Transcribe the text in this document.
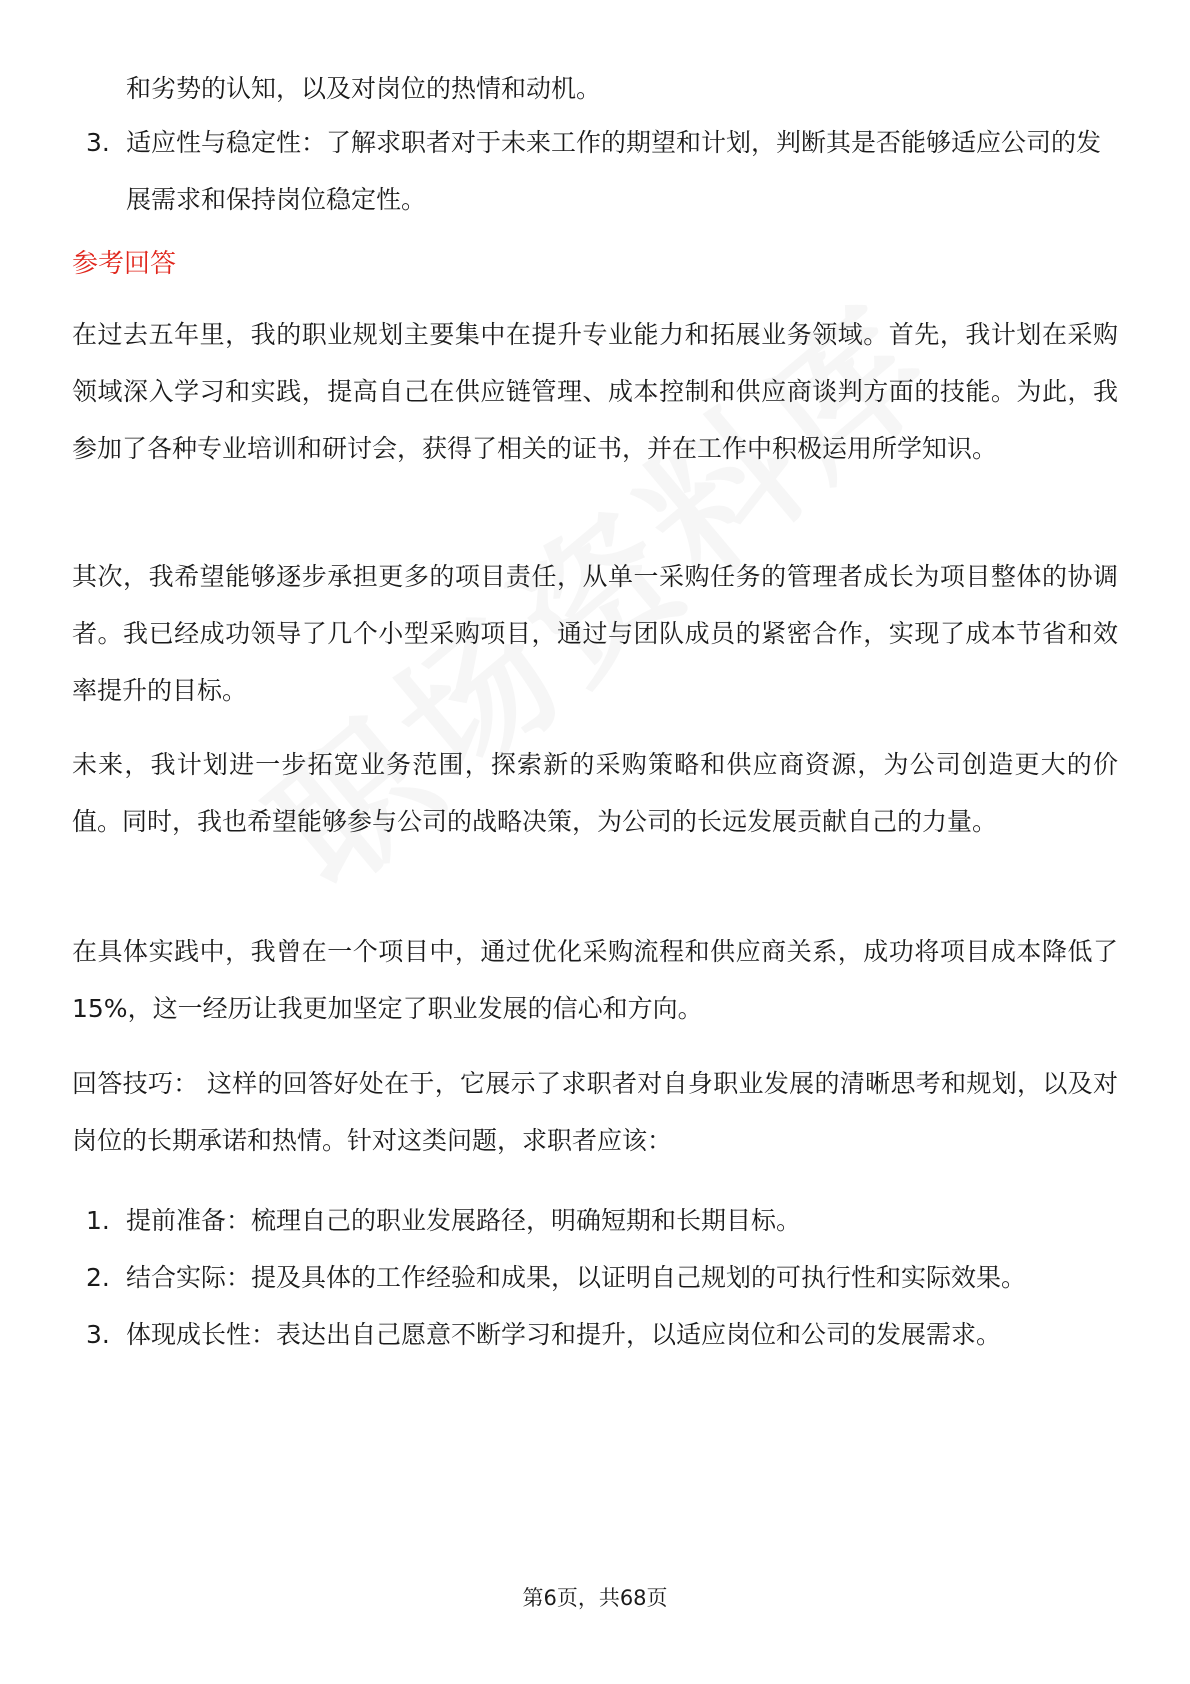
和劣势的认知，以及对岗位的热情和动机。
3. 适应性与稳定性：了解求职者对于未来工作的期望和计划，判断其是否能够适应公司的发展需求和保持岗位稳定性。
参考回答
在过去五年里，我的职业规划主要集中在提升专业能力和拓展业务领域。首先，我计划在采购领域深入学习和实践，提高自己在供应链管理、成本控制和供应商谈判方面的技能。为此，我参加了各种专业培训和研讨会，获得了相关的证书，并在工作中积极运用所学知识。
其次，我希望能够逐步承担更多的项目责任，从单一采购任务的管理者成长为项目整体的协调者。我已经成功领导了几个小型采购项目，通过与团队成员的紧密合作，实现了成本节省和效率提升的目标。
未来，我计划进一步拓宽业务范围，探索新的采购策略和供应商资源，为公司创造更大的价值。同时，我也希望能够参与公司的战略决策，为公司的长远发展贡献自己的力量。
在具体实践中，我曾在一个项目中，通过优化采购流程和供应商关系，成功将项目成本降低了15%，这一经历让我更加坚定了职业发展的信心和方向。
回答技巧： 这样的回答好处在于，它展示了求职者对自身职业发展的清晰思考和规划，以及对岗位的长期承诺和热情。针对这类问题，求职者应该：
1. 提前准备：梳理自己的职业发展路径，明确短期和长期目标。
2. 结合实际：提及具体的工作经验和成果，以证明自己规划的可执行性和实际效果。
3. 体现成长性：表达出自己愿意不断学习和提升，以适应岗位和公司的发展需求。
第6页，共68页
